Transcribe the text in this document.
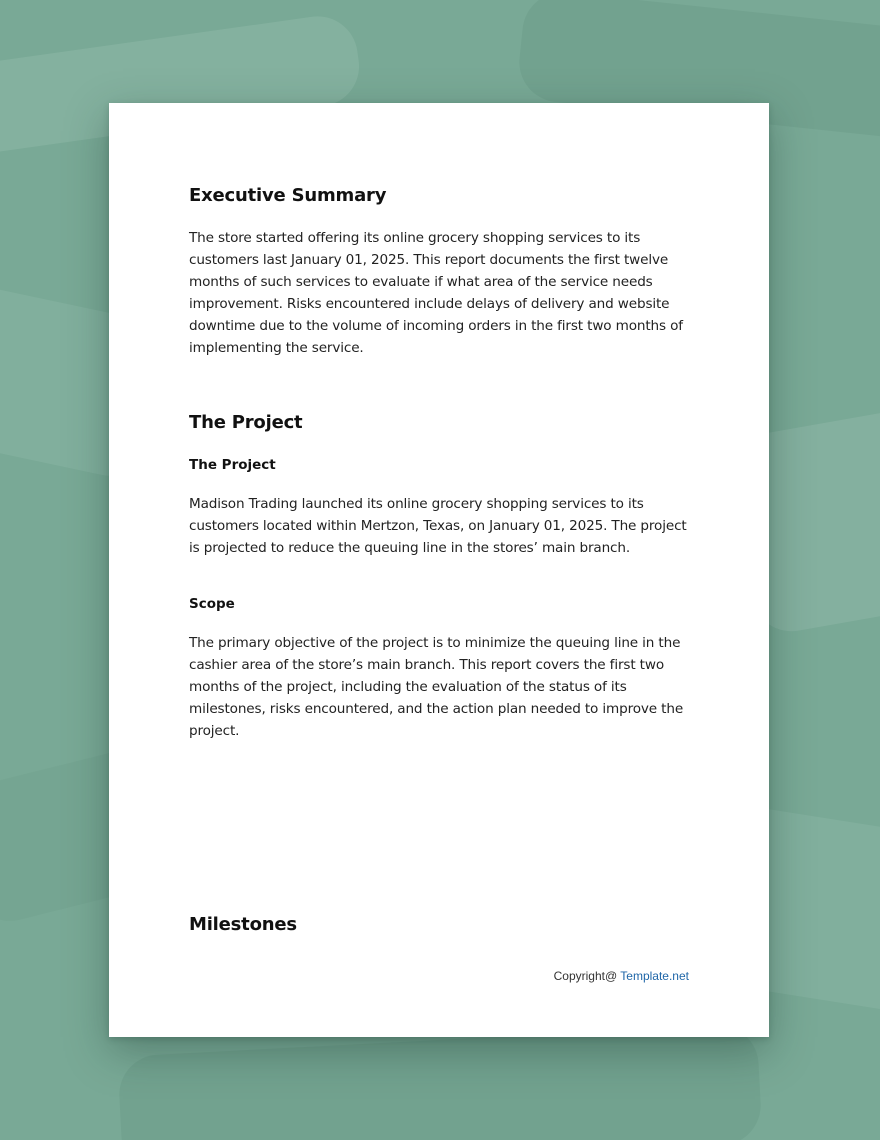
Executive Summary

The store started offering its online grocery shopping services to its customers last January 01, 2025. This report documents the first twelve months of such services to evaluate if what area of the service needs improvement. Risks encountered include delays of delivery and website downtime due to the volume of incoming orders in the first two months of implementing the service.

The Project
The Project

Madison Trading launched its online grocery shopping services to its customers located within Mertzon, Texas, on January 01, 2025. The project is projected to reduce the queuing line in the stores’ main branch.

Scope

The primary objective of the project is to minimize the queuing line in the cashier area of the store’s main branch. This report covers the first two months of the project, including the evaluation of the status of its milestones, risks encountered, and the action plan needed to improve the project.

Milestones
Copyright@ Template.net
